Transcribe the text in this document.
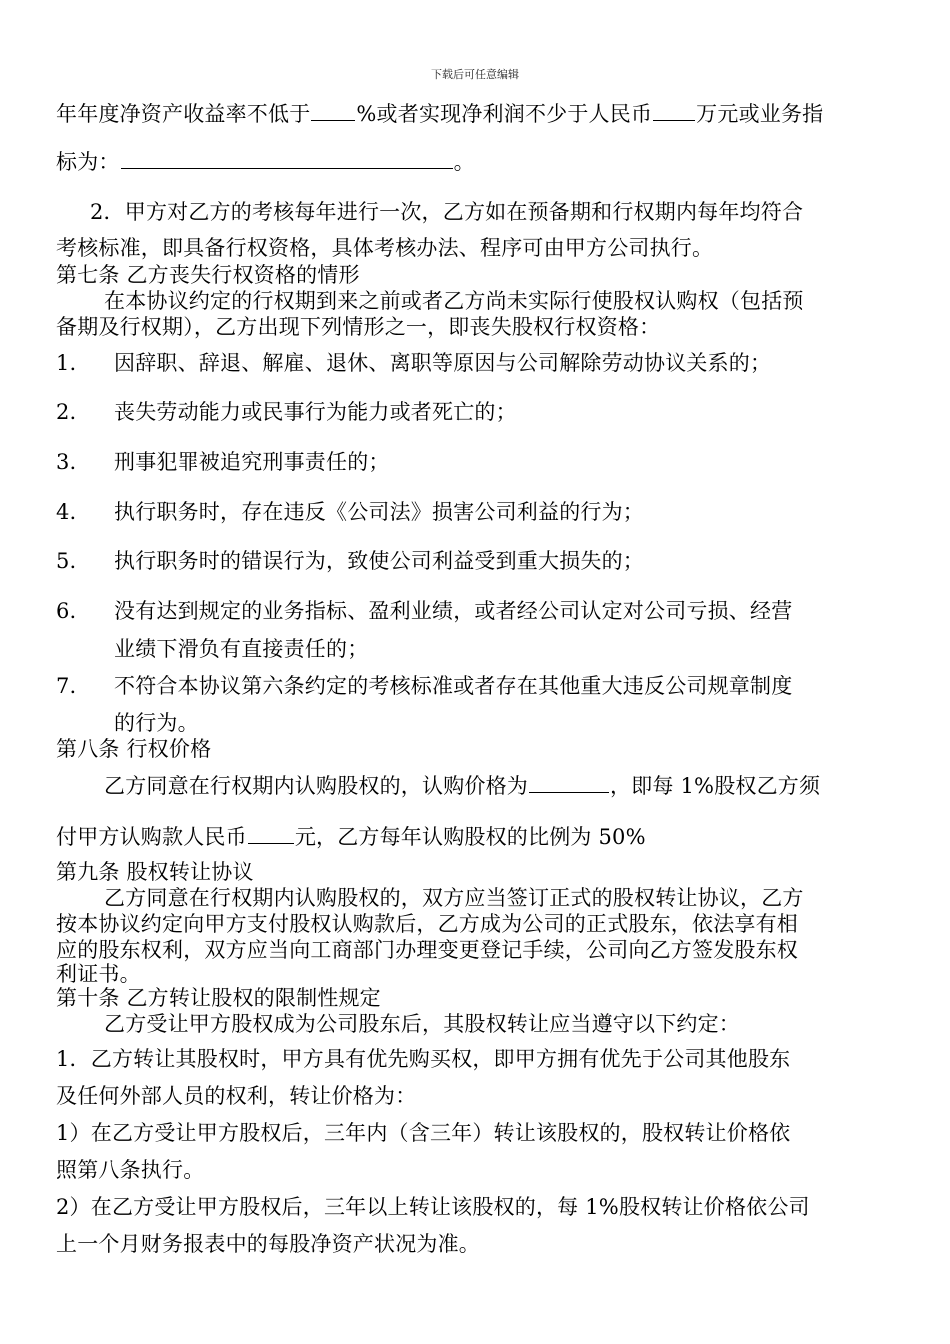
下载后可任意编辑
年年度净资产收益率不低于 %或者实现净利润不少于人民币 万元或业务指
标为：	。
2．甲方对乙方的考核每年进行一次，乙方如在预备期和行权期内每年均符合
考核标准，即具备行权资格，具体考核办法、程序可由甲方公司执行。
第七条 乙方丧失行权资格的情形
在本协议约定的行权期到来之前或者乙方尚未实际行使股权认购权（包括预
备期及行权期），乙方出现下列情形之一，即丧失股权行权资格：
1. 因辞职、辞退、解雇、退休、离职等原因与公司解除劳动协议关系的；
2. 丧失劳动能力或民事行为能力或者死亡的；
3. 刑事犯罪被追究刑事责任的；
4. 执行职务时，存在违反《公司法》损害公司利益的行为；
5. 执行职务时的错误行为，致使公司利益受到重大损失的；
6. 没有达到规定的业务指标、盈利业绩，或者经公司认定对公司亏损、经营
业绩下滑负有直接责任的；
7. 不符合本协议第六条约定的考核标准或者存在其他重大违反公司规章制度
的行为。
第八条 行权价格
乙方同意在行权期内认购股权的，认购价格为	，即每 1%股权乙方须
付甲方认购款人民币 元，乙方每年认购股权的比例为 50%
第九条 股权转让协议
乙方同意在行权期内认购股权的，双方应当签订正式的股权转让协议，乙方
按本协议约定向甲方支付股权认购款后，乙方成为公司的正式股东，依法享有相
应的股东权利，双方应当向工商部门办理变更登记手续，公司向乙方签发股东权
利证书。
第十条 乙方转让股权的限制性规定
乙方受让甲方股权成为公司股东后，其股权转让应当遵守以下约定：
1．乙方转让其股权时，甲方具有优先购买权，即甲方拥有优先于公司其他股东
及任何外部人员的权利，转让价格为：
1）在乙方受让甲方股权后，三年内（含三年）转让该股权的，股权转让价格依
照第八条执行。
2）在乙方受让甲方股权后，三年以上转让该股权的，每 1%股权转让价格依公司
上一个月财务报表中的每股净资产状况为准。
